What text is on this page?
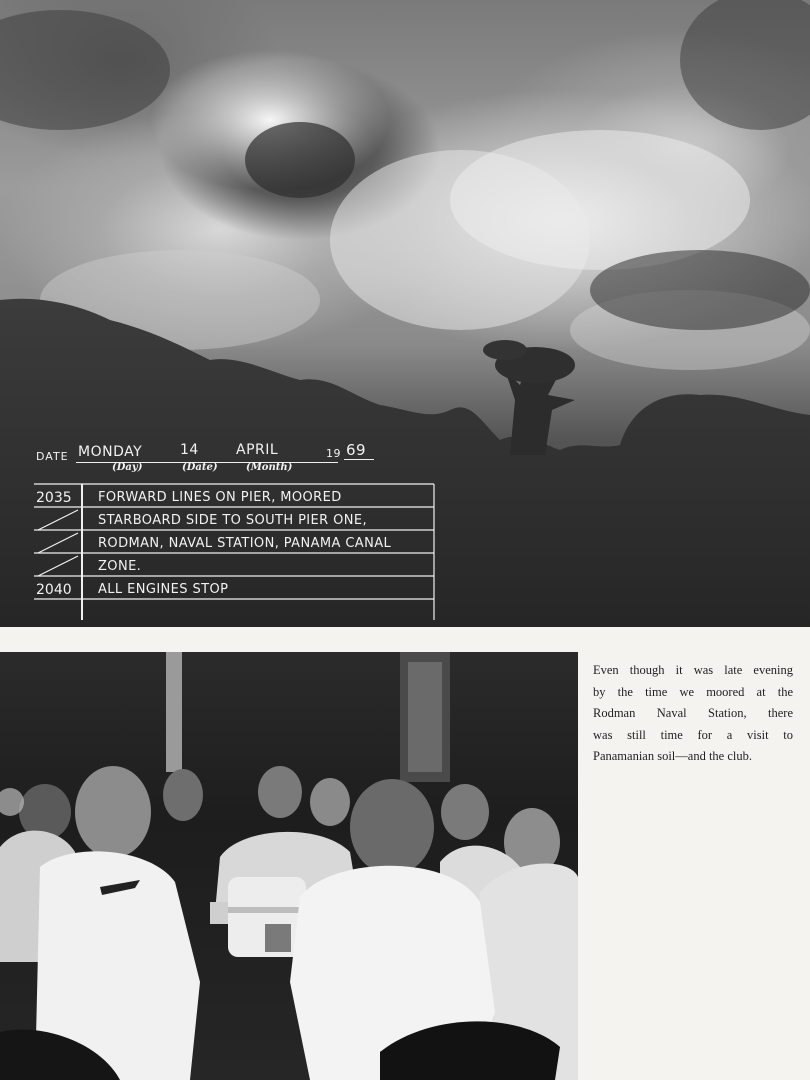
DATE MONDAY	14	APRIL	19 69
(Day)	(Date)	(Month)
2035	FORWARD LINES ON PIER, MOORED
STARBOARD SIDE TO SOUTH PIER ONE,
RODMAN, NAVAL STATION, PANAMA CANAL
ZONE.
2040	ALL ENGINES STOP
Even though it was late evening
by the time we moored at the
Rodman Naval Station, there
was still time for a visit to
Panamanian soil—and the club.
